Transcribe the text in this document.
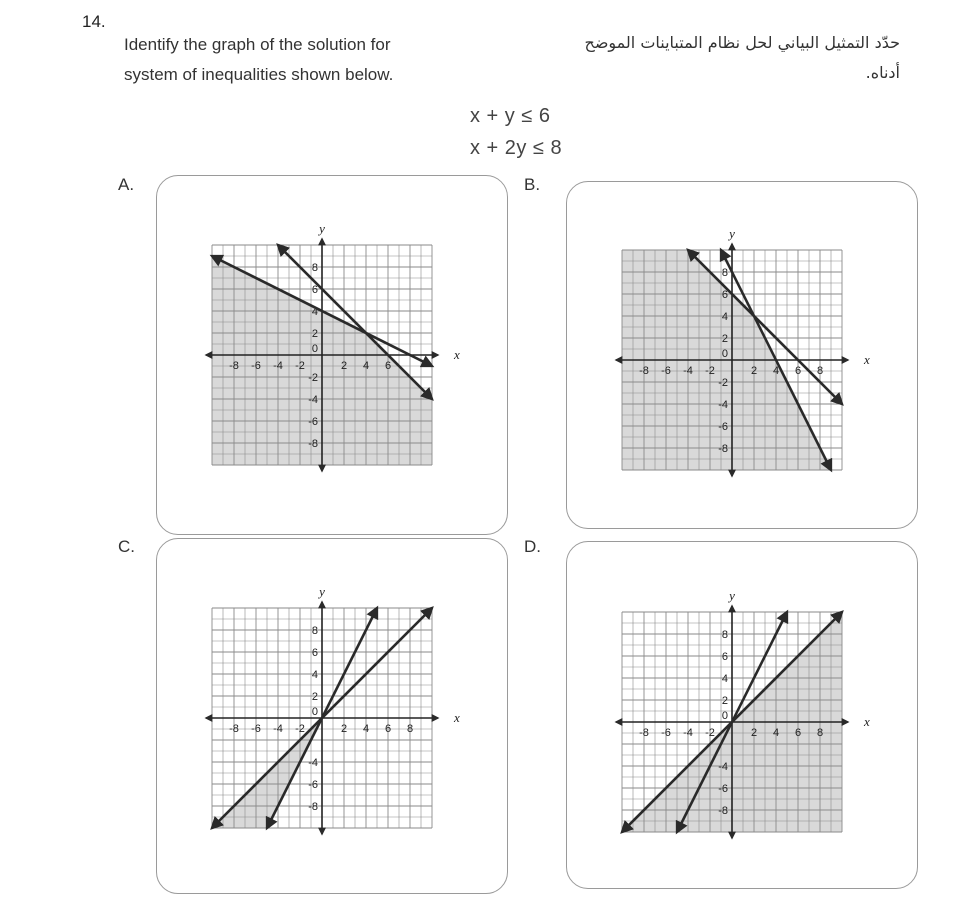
14.
Identify the graph of the solution for
system of inequalities shown below.
حدّد التمثيل البياني لحل نظام المتباينات الموضح
أدناه.
x + y ≤ 6
x + 2y ≤ 8
A.	B.
C.	D.
-8 -6 -4 -2	2 4 6
8
6
4
2
-2
-4
-6
-8
0	x
y
-8 -6 -4 -2	2 4 6 8
8
6
4
2
-2
-4
-6
-8
0	x
y
-8 -6 -4 -2	2 4 6 8
8
6
4
2
-4
-6
-8
0	x
y
-8 -6 -4 -2	2 4 6 8
8
6
4
2
-4
-6
-8
0	x
y
